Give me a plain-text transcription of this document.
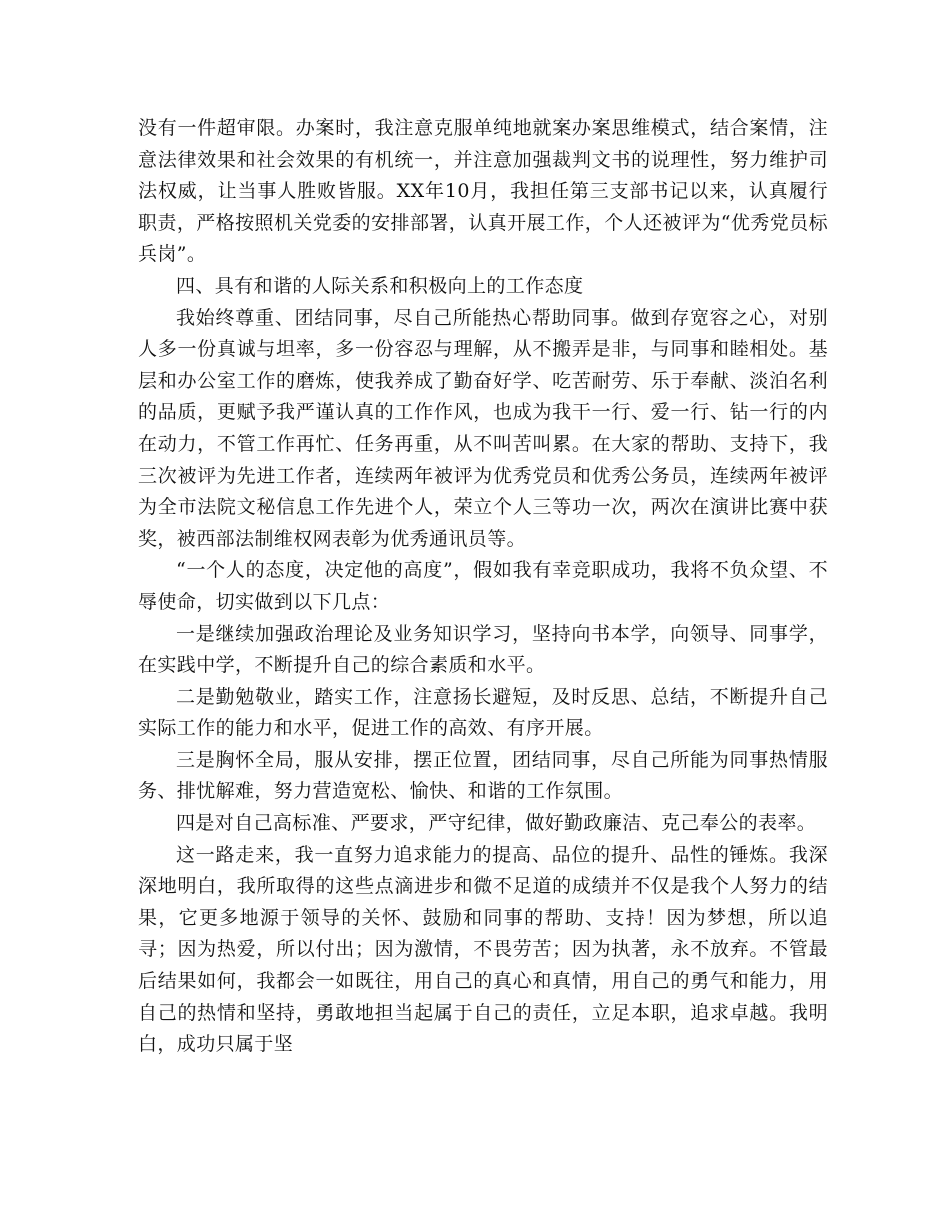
没有一件超审限。办案时，我注意克服单纯地就案办案思维模式，结合案情，注意法律效果和社会效果的有机统一，并注意加强裁判文书的说理性，努力维护司法权威，让当事人胜败皆服。XX年10月，我担任第三支部书记以来，认真履行职责，严格按照机关党委的安排部署，认真开展工作，个人还被评为“优秀党员标兵岗”。

四、具有和谐的人际关系和积极向上的工作态度

我始终尊重、团结同事，尽自己所能热心帮助同事。做到存宽容之心，对别人多一份真诚与坦率，多一份容忍与理解，从不搬弄是非，与同事和睦相处。基层和办公室工作的磨炼，使我养成了勤奋好学、吃苦耐劳、乐于奉献、淡泊名利的品质，更赋予我严谨认真的工作作风，也成为我干一行、爱一行、钻一行的内在动力，不管工作再忙、任务再重，从不叫苦叫累。在大家的帮助、支持下，我三次被评为先进工作者，连续两年被评为优秀党员和优秀公务员，连续两年被评为全市法院文秘信息工作先进个人，荣立个人三等功一次，两次在演讲比赛中获奖，被西部法制维权网表彰为优秀通讯员等。

“一个人的态度，决定他的高度”，假如我有幸竞职成功，我将不负众望、不辱使命，切实做到以下几点：

一是继续加强政治理论及业务知识学习，坚持向书本学，向领导、同事学，在实践中学，不断提升自己的综合素质和水平。

二是勤勉敬业，踏实工作，注意扬长避短，及时反思、总结，不断提升自己实际工作的能力和水平，促进工作的高效、有序开展。

三是胸怀全局，服从安排，摆正位置，团结同事，尽自己所能为同事热情服务、排忧解难，努力营造宽松、愉快、和谐的工作氛围。

四是对自己高标准、严要求，严守纪律，做好勤政廉洁、克己奉公的表率。

这一路走来，我一直努力追求能力的提高、品位的提升、品性的锤炼。我深深地明白，我所取得的这些点滴进步和微不足道的成绩并不仅是我个人努力的结果，它更多地源于领导的关怀、鼓励和同事的帮助、支持！因为梦想，所以追寻；因为热爱，所以付出；因为激情，不畏劳苦；因为执著，永不放弃。不管最后结果如何，我都会一如既往，用自己的真心和真情，用自己的勇气和能力，用自己的热情和坚持，勇敢地担当起属于自己的责任，立足本职，追求卓越。我明白，成功只属于坚
